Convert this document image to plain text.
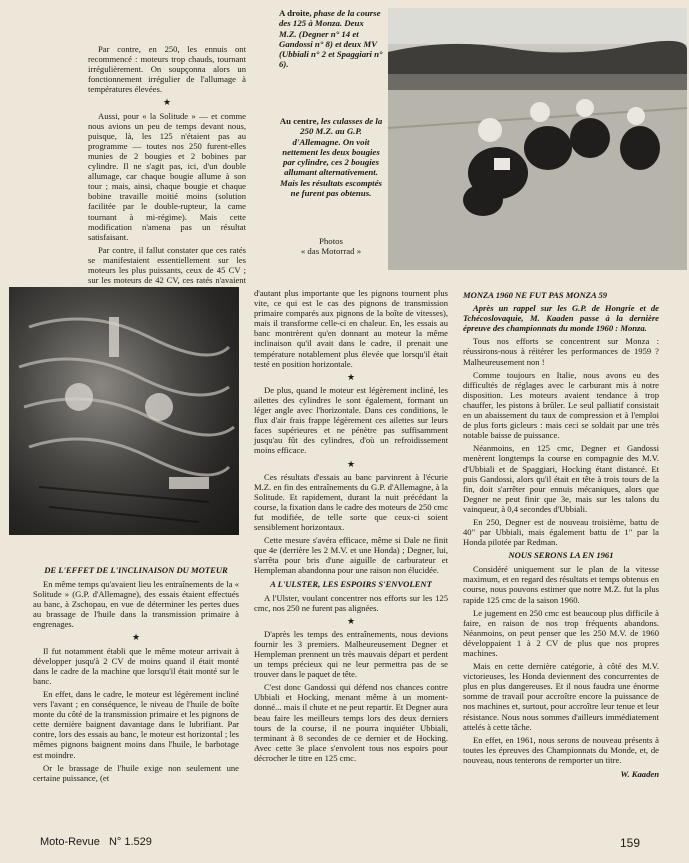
Par contre, en 250, les ennuis ont recommencé : moteurs trop chauds, tournant irrégulièrement. On soupçonna alors un fonctionnement irrégulier de l'allumage à températures élevées.

★

Aussi, pour « la Solitude » — et comme nous avions un peu de temps devant nous, puisque, là, les 125 n'étaient pas au programme — toutes nos 250 furent-elles munies de 2 bougies et 2 bobines par cylindre. Il ne s'agit pas, ici, d'un double allumage, car chaque bougie allume à son tour ; mais, ainsi, chaque bougie et chaque bobine travaille moitié moins (solution facilitée par le double-rupteur, la came tournant à mi-régime). Mais cette modification n'amena pas un résultat satisfaisant.

Par contre, il fallut constater que ces ratés se manifestaient essentiellement sur les moteurs les plus puissants, ceux de 45 CV ; sur les moteurs de 42 CV, ces ratés n'avaient

A droite, phase de la course des 125 à Monza. Deux M.Z. (Degner n° 14 et Gandossi n° 8) et deux MV (Ubbiali n° 2 et Spaggiari n° 6).
Au centre, les culasses de la 250 M.Z. au G.P. d'Allemagne. On voit nettement les deux bougies par cylindre, ces 2 bougies allumant alternativement. Mais les résultats escomptés ne furent pas obtenus.
Photos
« das Motorrad »
DE L'EFFET DE L'INCLINAISON DU MOTEUR

En même temps qu'avaient lieu les entraînements de la « Solitude » (G.P. d'Allemagne), des essais étaient effectués au banc, à Zschopau, en vue de déterminer les pertes dues au brassage de l'huile dans la transmission primaire à engrenages.

★

Il fut notamment établi que le même moteur arrivait à développer jusqu'à 2 CV de moins quand il était monté dans le cadre de la machine que lorsqu'il était monté sur le banc.

En effet, dans le cadre, le moteur est légèrement incliné vers l'avant ; en conséquence, le niveau de l'huile de boîte monte du côté de la transmission primaire et les pignons de cette dernière baignent davantage dans le lubrifiant. Par contre, lors des essais au banc, le moteur est horizontal ; les mêmes pignons baignent moins dans l'huile, le barbotage est moindre.

Or le brassage de l'huile exige non seulement une certaine puissance, (et

d'autant plus importante que les pignons tournent plus vite, ce qui est le cas des pignons de transmission primaire comparés aux pignons de la boîte de vitesses), mais il transforme celle-ci en chaleur. En, les essais au banc montrèrent qu'en donnant au moteur la même inclinaison qu'il avait dans le cadre, il prenait une température notablement plus élevée que lorsqu'il était testé en position horizontale.

★

De plus, quand le moteur est légèrement incliné, les ailettes des cylindres le sont également, formant un léger angle avec l'horizontale. Dans ces conditions, le flux d'air frais frappe légèrement ces ailettes sur leurs faces supérieures et ne pénètre pas suffisamment jusqu'au fût des cylindres, d'où un refroidissement moins efficace.

★

Ces résultats d'essais au banc parvinrent à l'écurie M.Z. en fin des entraînements du G.P. d'Allemagne, à la Solitude. Et rapidement, durant la nuit précédant la course, la fixation dans le cadre des moteurs de 250 cmc fut modifiée, de telle sorte que ceux-ci soient sensiblement horizontaux.

Cette mesure s'avéra efficace, même si Dale ne finit que 4e (derrière les 2 M.V. et une Honda) ; Degner, lui, s'arrêta pour bris d'une aiguille de carburateur et Hempleman abandonna pour une raison non élucidée.

A L'ULSTER, LES ESPOIRS S'ENVOLENT

A l'Ulster, voulant concentrer nos efforts sur les 125 cmc, nos 250 ne furent pas alignées.

★

D'après les temps des entraînements, nous devions fournir les 3 premiers. Malheureusement Degner et Hempleman prennent un très mauvais départ et perdent un temps précieux qui ne leur permettra pas de se trouver dans le paquet de tête.

C'est donc Gandossi qui défend nos chances contre Ubbiali et Hocking, menant même à un moment-donné... mais il chute et ne peut repartir. Et Degner aura beau faire les meilleurs temps lors des deux derniers tours de la course, il ne pourra inquiéter Ubbiali, terminant à 8 secondes de ce dernier et de Hocking. Avec cette 3e place s'envolent tous nos espoirs pour décrocher le titre en 125 cmc.

MONZA 1960 NE FUT PAS MONZA 59

Après un rappel sur les G.P. de Hongrie et de Tchécoslovaquie, M. Kaaden passe à la dernière épreuve des championnats du monde 1960 : Monza.

Tous nos efforts se concentrent sur Monza : réussirons-nous à réitérer les performances de 1959 ? Malheureusement non !

Comme toujours en Italie, nous avons eu des difficultés de réglages avec le carburant mis à notre disposition. Les moteurs avaient tendance à trop chauffer, les pistons à brûler. Le seul palliatif consistait en un abaissement du taux de compression et à l'emploi de plus forts gicleurs : mais ceci se soldait par une très notable baisse de puissance.

Néanmoins, en 125 cmc, Degner et Gandossi menèrent longtemps la course en compagnie des M.V. d'Ubbiali et de Spaggiari, Hocking étant distancé. Et puis Gandossi, alors qu'il était en tête à trois tours de la fin, doit s'arrêter pour ennuis mécaniques, alors que Degner ne peut finir que 3e, mais sur les talons du vainqueur, à 0,4 secondes d'Ubbiali.

En 250, Degner est de nouveau troisième, battu de 40" par Ubbiali, mais également battu de 1" par la Honda pilotée par Redman.

NOUS SERONS LA EN 1961

Considéré uniquement sur le plan de la vitesse maximum, et en regard des résultats et temps obtenus en course, nous pouvons estimer que notre M.Z. fut la plus rapide 125 cmc de la saison 1960.

Le jugement en 250 cmc est beaucoup plus difficile à faire, en raison de nos trop fréquents abandons. Néanmoins, on peut penser que les 250 M.V. de 1960 développaient 1 à 2 CV de plus que nos propres machines.

Mais en cette dernière catégorie, à côté des M.V. victorieuses, les Honda deviennent des concurrentes de plus en plus dangereuses. Et il nous faudra une énorme somme de travail pour accroître encore la puissance de nos machines et, surtout, pour accroître leur tenue et leur résistance. Nous nous sommes d'ailleurs immédiatement attelés à cette tâche.

En effet, en 1961, nous serons de nouveau présents à toutes les épreuves des Championnats du Monde, et, de nouveau, nous tenterons de remporter un titre.

W. Kaaden
Moto-Revue N° 1.529	159
